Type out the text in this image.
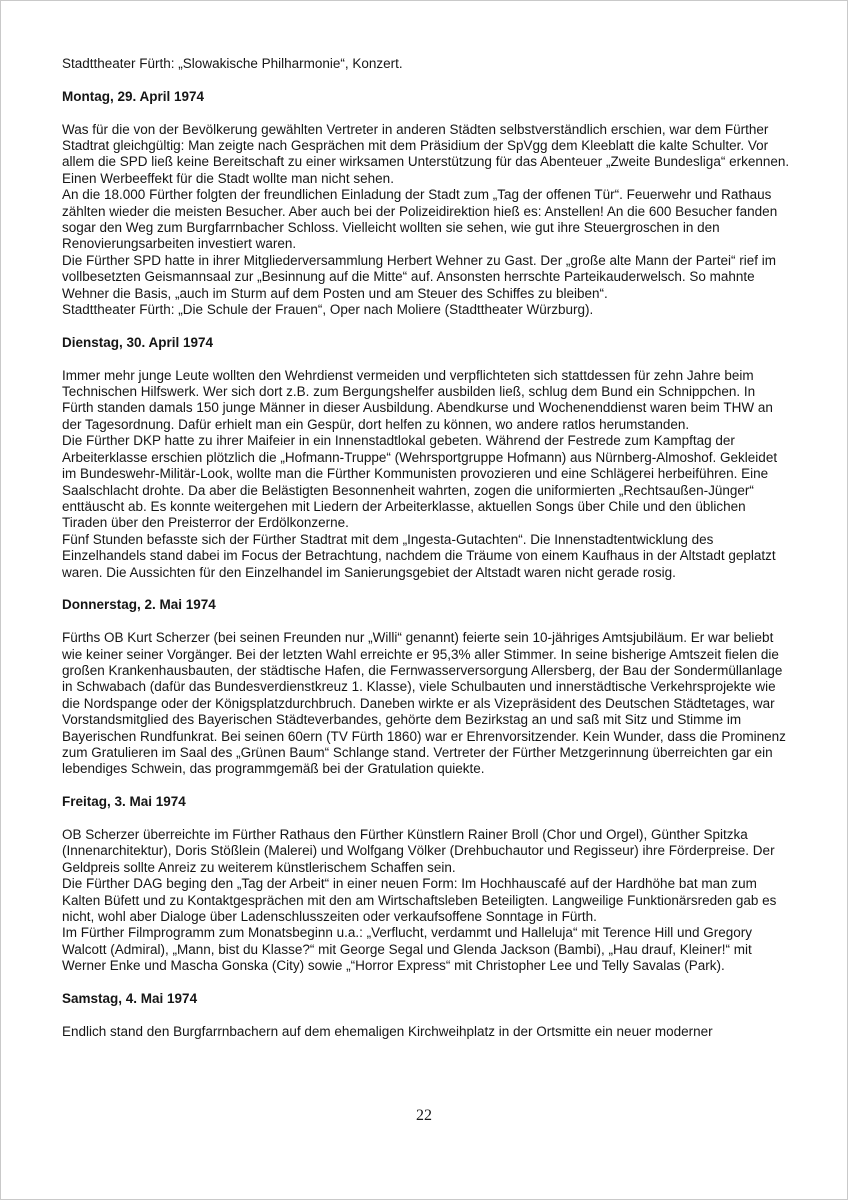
Stadttheater Fürth: „Slowakische Philharmonie“, Konzert.

Montag, 29. April 1974

Was für die von der Bevölkerung gewählten Vertreter in anderen Städten selbstverständlich erschien, war dem Fürther Stadtrat gleichgültig: Man zeigte nach Gesprächen mit dem Präsidium der SpVgg dem Kleeblatt die kalte Schulter. Vor allem die SPD ließ keine Bereitschaft zu einer wirksamen Unterstützung für das Abenteuer „Zweite Bundesliga“ erkennen. Einen Werbeeffekt für die Stadt wollte man nicht sehen.

An die 18.000 Fürther folgten der freundlichen Einladung der Stadt zum „Tag der offenen Tür“. Feuerwehr und Rathaus zählten wieder die meisten Besucher. Aber auch bei der Polizeidirektion hieß es: Anstellen! An die 600 Besucher fanden sogar den Weg zum Burgfarrnbacher Schloss. Vielleicht wollten sie sehen, wie gut ihre Steuergroschen in den Renovierungsarbeiten investiert waren.

Die Fürther SPD hatte in ihrer Mitgliederversammlung Herbert Wehner zu Gast. Der „große alte Mann der Partei“ rief im vollbesetzten Geismannsaal zur „Besinnung auf die Mitte“ auf. Ansonsten herrschte Parteikauderwelsch. So mahnte Wehner die Basis, „auch im Sturm auf dem Posten und am Steuer des Schiffes zu bleiben“.

Stadttheater Fürth: „Die Schule der Frauen“, Oper nach Moliere (Stadttheater Würzburg).

Dienstag, 30. April 1974

Immer mehr junge Leute wollten den Wehrdienst vermeiden und verpflichteten sich stattdessen für zehn Jahre beim Technischen Hilfswerk. Wer sich dort z.B. zum Bergungshelfer ausbilden ließ, schlug dem Bund ein Schnippchen. In Fürth standen damals 150 junge Männer in dieser Ausbildung. Abendkurse und Wochenenddienst waren beim THW an der Tagesordnung. Dafür erhielt man ein Gespür, dort helfen zu können, wo andere ratlos herumstanden.

Die Fürther DKP hatte zu ihrer Maifeier in ein Innenstadtlokal gebeten. Während der Festrede zum Kampftag der Arbeiterklasse erschien plötzlich die „Hofmann-Truppe“ (Wehrsportgruppe Hofmann) aus Nürnberg-Almoshof. Gekleidet im Bundeswehr-Militär-Look, wollte man die Fürther Kommunisten provozieren und eine Schlägerei herbeiführen. Eine Saalschlacht drohte. Da aber die Belästigten Besonnenheit wahrten, zogen die uniformierten „Rechtsaußen-Jünger“ enttäuscht ab. Es konnte weitergehen mit Liedern der Arbeiterklasse, aktuellen Songs über Chile und den üblichen Tiraden über den Preisterror der Erdölkonzerne.

Fünf Stunden befasste sich der Fürther Stadtrat mit dem „Ingesta-Gutachten“. Die Innenstadtentwicklung des Einzelhandels stand dabei im Focus der Betrachtung, nachdem die Träume von einem Kaufhaus in der Altstadt geplatzt waren. Die Aussichten für den Einzelhandel im Sanierungsgebiet der Altstadt waren nicht gerade rosig.

Donnerstag, 2. Mai 1974

Fürths OB Kurt Scherzer (bei seinen Freunden nur „Willi“ genannt) feierte sein 10-jähriges Amtsjubiläum. Er war beliebt wie keiner seiner Vorgänger. Bei der letzten Wahl erreichte er 95,3% aller Stimmer. In seine bisherige Amtszeit fielen die großen Krankenhausbauten, der städtische Hafen, die Fernwasserversorgung Allersberg, der Bau der Sondermüllanlage in Schwabach (dafür das Bundesverdienstkreuz 1. Klasse), viele Schulbauten und innerstädtische Verkehrsprojekte wie die Nordspange oder der Königsplatzdurchbruch. Daneben wirkte er als Vizepräsident des Deutschen Städtetages, war Vorstandsmitglied des Bayerischen Städteverbandes, gehörte dem Bezirkstag an und saß mit Sitz und Stimme im Bayerischen Rundfunkrat. Bei seinen 60ern (TV Fürth 1860) war er Ehrenvorsitzender. Kein Wunder, dass die Prominenz zum Gratulieren im Saal des „Grünen Baum“ Schlange stand. Vertreter der Fürther Metzgerinnung überreichten gar ein lebendiges Schwein, das programmgemäß bei der Gratulation quiekte.

Freitag, 3. Mai 1974

OB Scherzer überreichte im Fürther Rathaus den Fürther Künstlern Rainer Broll (Chor und Orgel), Günther Spitzka (Innenarchitektur), Doris Stößlein (Malerei) und Wolfgang Völker (Drehbuchautor und Regisseur) ihre Förderpreise. Der Geldpreis sollte Anreiz zu weiterem künstlerischem Schaffen sein.

Die Fürther DAG beging den „Tag der Arbeit“ in einer neuen Form: Im Hochhauscafé auf der Hardhöhe bat man zum Kalten Büfett und zu Kontaktgesprächen mit den am Wirtschaftsleben Beteiligten. Langweilige Funktionärsreden gab es nicht, wohl aber Dialoge über Ladenschlusszeiten oder verkaufsoffene Sonntage in Fürth.

Im Fürther Filmprogramm zum Monatsbeginn u.a.: „Verflucht, verdammt und Halleluja“ mit Terence Hill und Gregory Walcott (Admiral), „Mann, bist du Klasse?“ mit George Segal und Glenda Jackson (Bambi), „Hau drauf, Kleiner!“ mit Werner Enke und Mascha Gonska (City) sowie „“Horror Express“ mit Christopher Lee und Telly Savalas (Park).

Samstag, 4. Mai 1974

Endlich stand den Burgfarrnbachern auf dem ehemaligen Kirchweihplatz in der Ortsmitte ein neuer moderner

22
